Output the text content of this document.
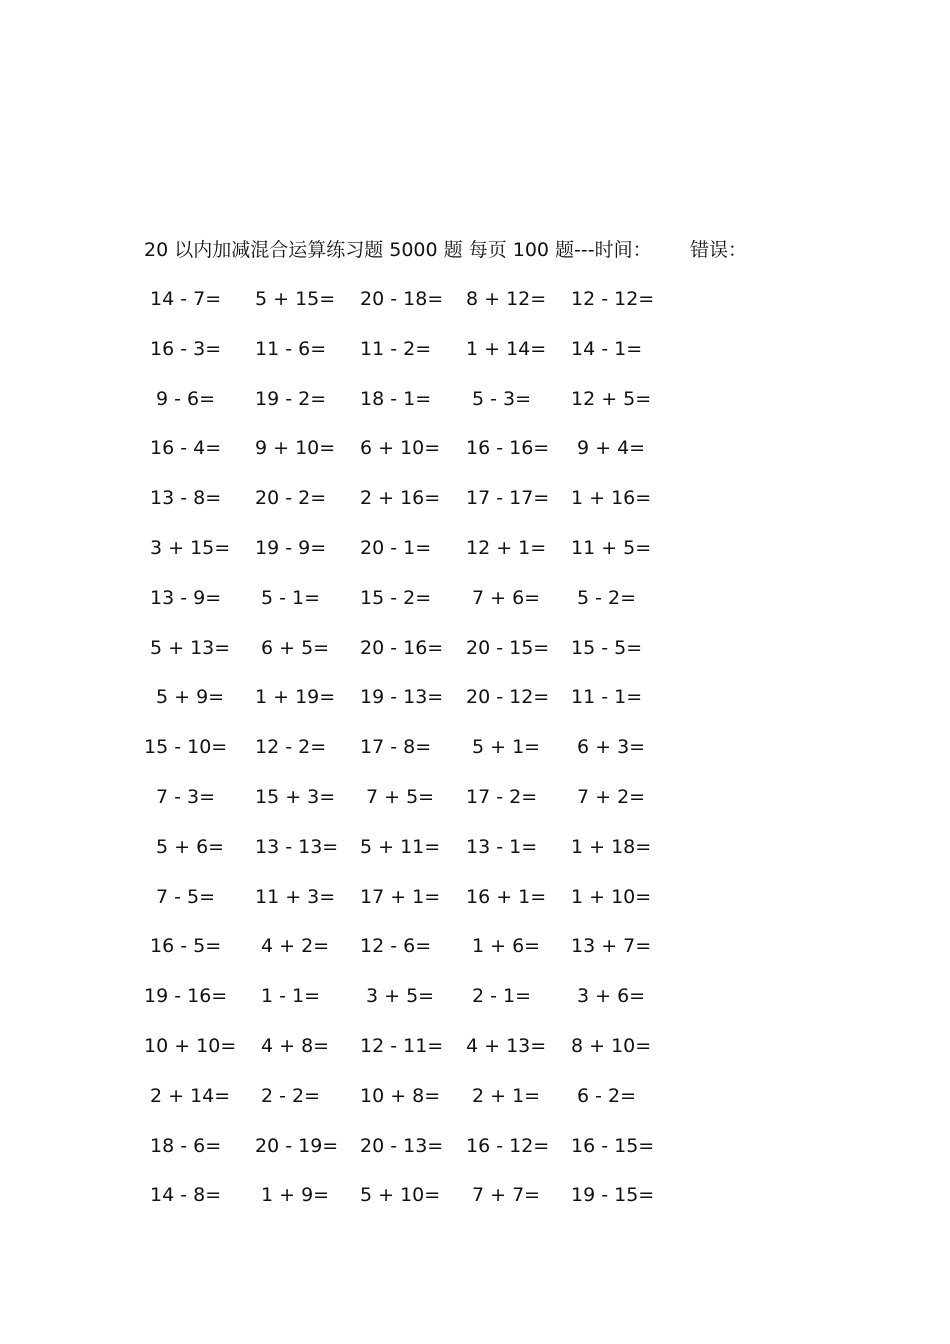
20 以内加减混合运算练习题 5000 题 每页 100 题---时间： 错误：
14 - 7= 5 + 15= 20 - 18= 8 + 12= 12 - 12=
16 - 3= 11 - 6= 11 - 2= 1 + 14= 14 - 1=
9 - 6= 19 - 2= 18 - 1= 5 - 3= 12 + 5=
16 - 4= 9 + 10= 6 + 10= 16 - 16= 9 + 4=
13 - 8= 20 - 2= 2 + 16= 17 - 17= 1 + 16=
3 + 15= 19 - 9= 20 - 1= 12 + 1= 11 + 5=
13 - 9= 5 - 1= 15 - 2= 7 + 6= 5 - 2=
5 + 13= 6 + 5= 20 - 16= 20 - 15= 15 - 5=
5 + 9= 1 + 19= 19 - 13= 20 - 12= 11 - 1=
15 - 10= 12 - 2= 17 - 8= 5 + 1= 6 + 3=
7 - 3= 15 + 3= 7 + 5= 17 - 2= 7 + 2=
5 + 6= 13 - 13= 5 + 11= 13 - 1= 1 + 18=
7 - 5= 11 + 3= 17 + 1= 16 + 1= 1 + 10=
16 - 5= 4 + 2= 12 - 6= 1 + 6= 13 + 7=
19 - 16= 1 - 1= 3 + 5= 2 - 1= 3 + 6=
10 + 10= 4 + 8= 12 - 11= 4 + 13= 8 + 10=
2 + 14= 2 - 2= 10 + 8= 2 + 1= 6 - 2=
18 - 6= 20 - 19= 20 - 13= 16 - 12= 16 - 15=
14 - 8= 1 + 9= 5 + 10= 7 + 7= 19 - 15=
